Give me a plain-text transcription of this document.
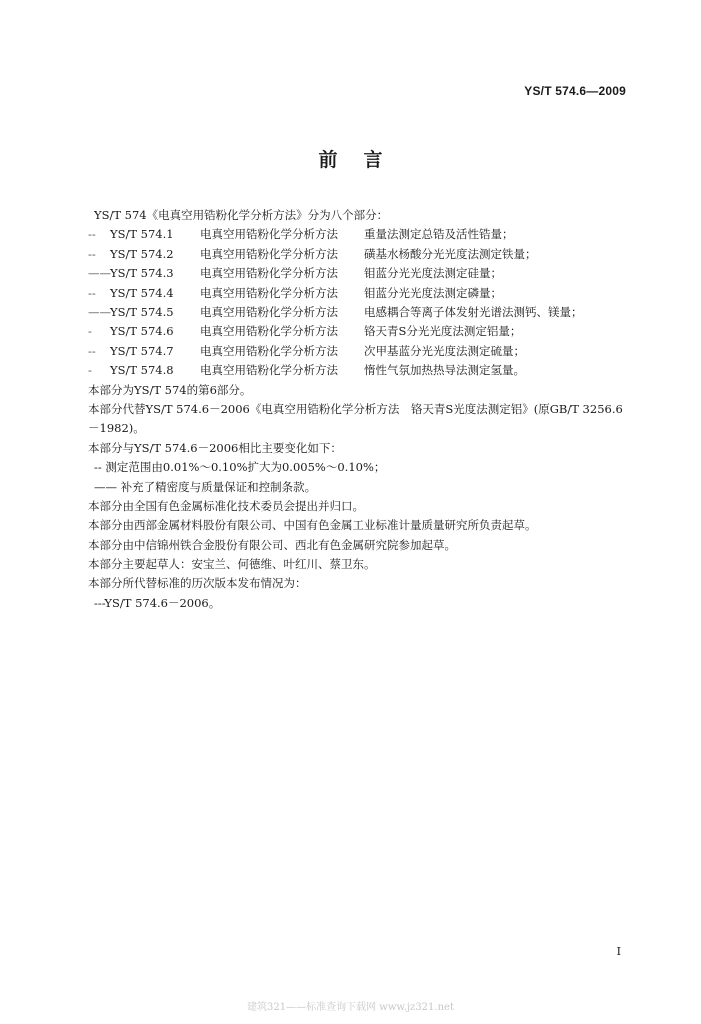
YS/T 574.6—2009
前言
YS/T 574《电真空用锆粉化学分析方法》分为八个部分：
--	YS/T 574.1	电真空用锆粉化学分析方法	重量法测定总锆及活性锆量；
--	YS/T 574.2	电真空用锆粉化学分析方法	磺基水杨酸分光光度法测定铁量；
—— YS/T 574.3	电真空用锆粉化学分析方法	钼蓝分光光度法测定硅量；
--	YS/T 574.4	电真空用锆粉化学分析方法	钼蓝分光光度法测定磷量；
—— YS/T 574.5	电真空用锆粉化学分析方法	电感耦合等离子体发射光谱法测钙、镁量；
-	YS/T 574.6	电真空用锆粉化学分析方法	铬天青S分光光度法测定铝量；
--	YS/T 574.7	电真空用锆粉化学分析方法	次甲基蓝分光光度法测定硫量；
-	YS/T 574.8	电真空用锆粉化学分析方法	惰性气氛加热热导法测定氢量。
本部分为YS/T 574的第6部分。
本部分代替YS/T 574.6－2006《电真空用锆粉化学分析方法　铬天青S光度法测定铝》(原GB/T 3256.6－1982)。
本部分与YS/T 574.6－2006相比主要变化如下：
-- 测定范围由0.01%～0.10%扩大为0.005%～0.10%；
—— 补充了精密度与质量保证和控制条款。
本部分由全国有色金属标准化技术委员会提出并归口。
本部分由西部金属材料股份有限公司、中国有色金属工业标准计量质量研究所负责起草。
本部分由中信锦州铁合金股份有限公司、西北有色金属研究院参加起草。
本部分主要起草人：安宝兰、何德维、叶红川、蔡卫东。
本部分所代替标准的历次版本发布情况为：
---YS/T 574.6－2006。
I
建筑321——标准查询下载网 www.jz321.net
